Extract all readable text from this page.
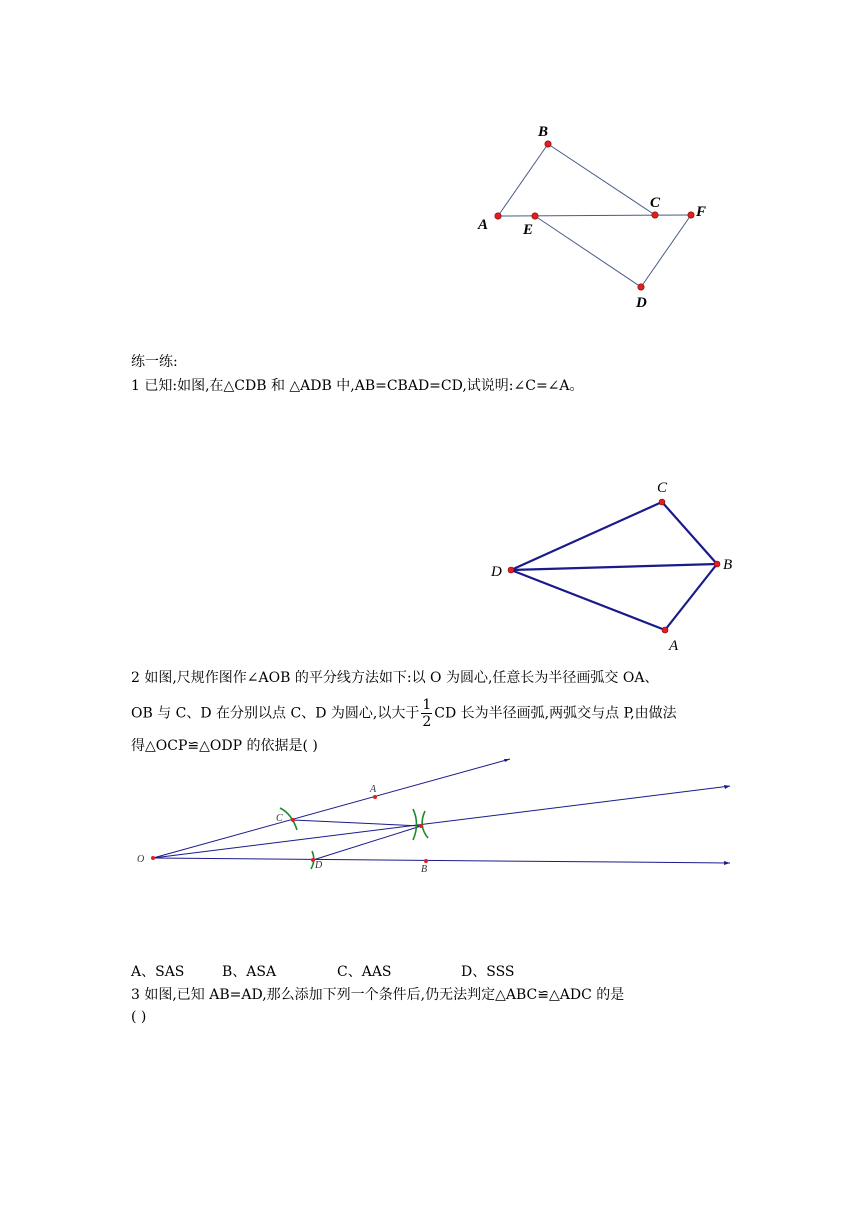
A
B
C
E
F
D
练一练:
1 已知:如图,在△CDB 和 △ADB 中,AB=CBAD=CD,试说明:∠C=∠A。
D
C
B
A
2 如图,尺规作图作∠AOB 的平分线方法如下:以 O 为圆心,任意长为半径画弧交 OA、
OB 与 C、D 在分别以点 C、D 为圆心,以大于 $\frac{1}{2}$ CD 长为半径画弧,两弧交与点 P,由做法
得△OCP≌△ODP 的依据是( )
O
A
B
C
D
A、SAS	B、ASA	C、AAS	D、SSS
3 如图,已知 AB=AD,那么添加下列一个条件后,仍无法判定△ABC≌△ADC 的是
( )
